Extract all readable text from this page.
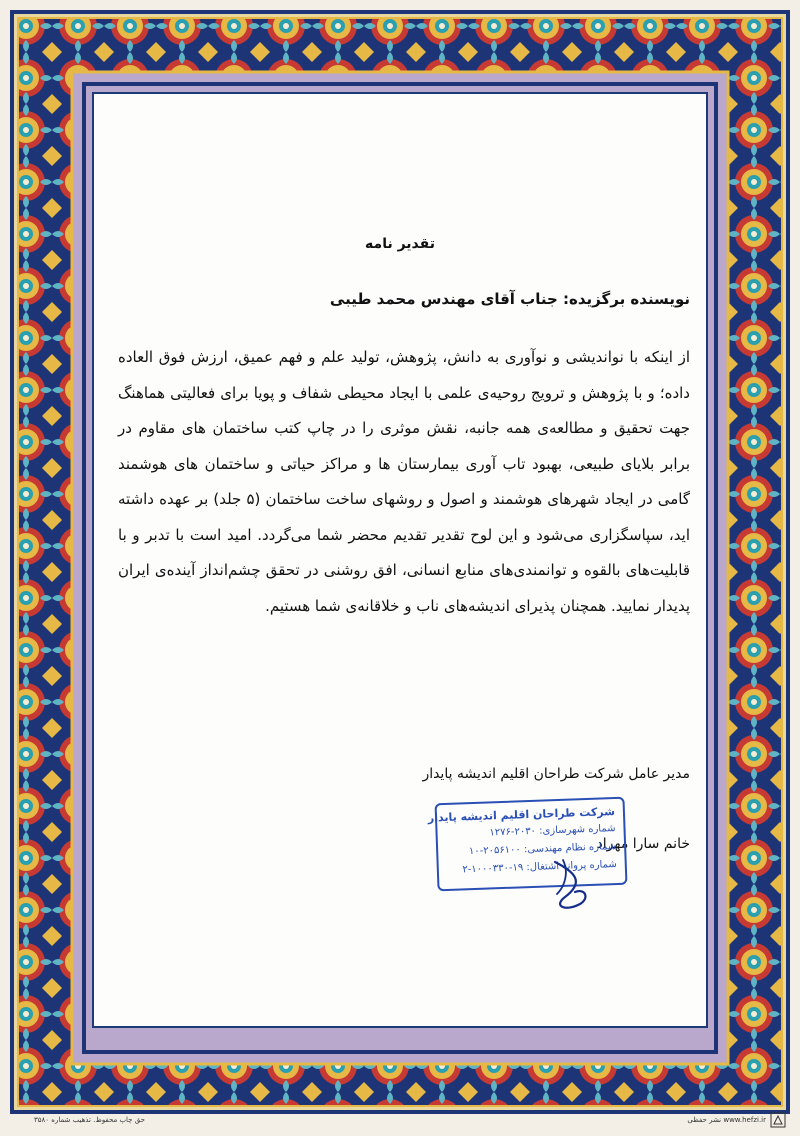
تقدیر نامه
نویسنده برگزیده: جناب آقای مهندس محمد طیبی
از اینکه با نواندیشی و نوآوری به دانش، پژوهش، تولید علم و فهم عمیق، ارزش فوق العاده داده؛ و با پژوهش و ترویج روحیه‌ی علمی با ایجاد محیطی شفاف و پویا برای فعالیتی هماهنگ جهت تحقیق و مطالعه‌ی همه جانبه، نقش موثری را در چاپ کتب ساختمان های مقاوم در برابر بلایای طبیعی، بهبود تاب آوری بیمارستان ها و مراکز حیاتی و ساختمان های هوشمند گامی در ایجاد شهرهای هوشمند و اصول و روشهای ساخت ساختمان (۵ جلد) بر عهده داشته اید، سپاسگزاری می‌شود و این لوح تقدیر تقدیم محضر شما می‌گردد. امید است با تدبر و با قابلیت‌های بالقوه و توانمندی‌های منابع انسانی، افق روشنی در تحقق چشم‌انداز آینده‌ی ایران پدیدار نمایید. همچنان پذیرای اندیشه‌های ناب و خلاقانه‌ی شما هستیم.
مدیر عامل شرکت طراحان اقلیم اندیشه پایدار
خانم سارا مهراد
شرکت طراحان اقلیم اندیشه پایدار
شماره شهرسازی: ۲۰۳۰-۱۲۷۶
شماره نظام مهندسی: ۲۰۵۶۱۰۰-۱۰
شماره پروانه اشتغال: ۱۹-۱۰۰۰۳۳۰-۲
حق چاپ محفوظ. تذهیب شماره ۳۵۸۰	www.hefzi.ir نشر حفظی
